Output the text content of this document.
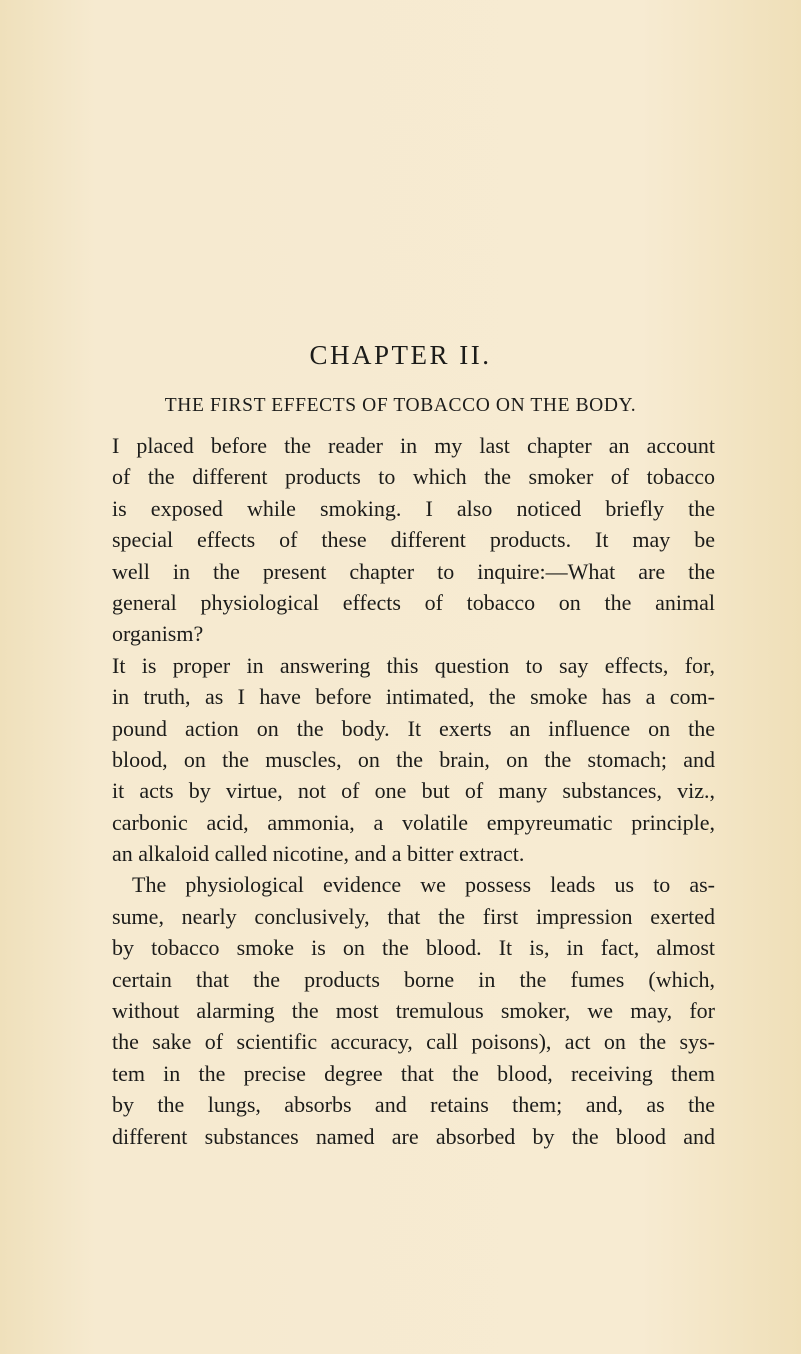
CHAPTER II.
THE FIRST EFFECTS OF TOBACCO ON THE BODY.
I placed before the reader in my last chapter an account
of the different products to which the smoker of tobacco
is exposed while smoking. I also noticed briefly the
special effects of these different products. It may be
well in the present chapter to inquire:—What are the
general physiological effects of tobacco on the animal
organism?
It is proper in answering this question to say effects, for,
in truth, as I have before intimated, the smoke has a com-
pound action on the body. It exerts an influence on the
blood, on the muscles, on the brain, on the stomach; and
it acts by virtue, not of one but of many substances, viz.,
carbonic acid, ammonia, a volatile empyreumatic principle,
an alkaloid called nicotine, and a bitter extract.
The physiological evidence we possess leads us to as-
sume, nearly conclusively, that the first impression exerted
by tobacco smoke is on the blood. It is, in fact, almost
certain that the products borne in the fumes (which,
without alarming the most tremulous smoker, we may, for
the sake of scientific accuracy, call poisons), act on the sys-
tem in the precise degree that the blood, receiving them
by the lungs, absorbs and retains them; and, as the
different substances named are absorbed by the blood and
